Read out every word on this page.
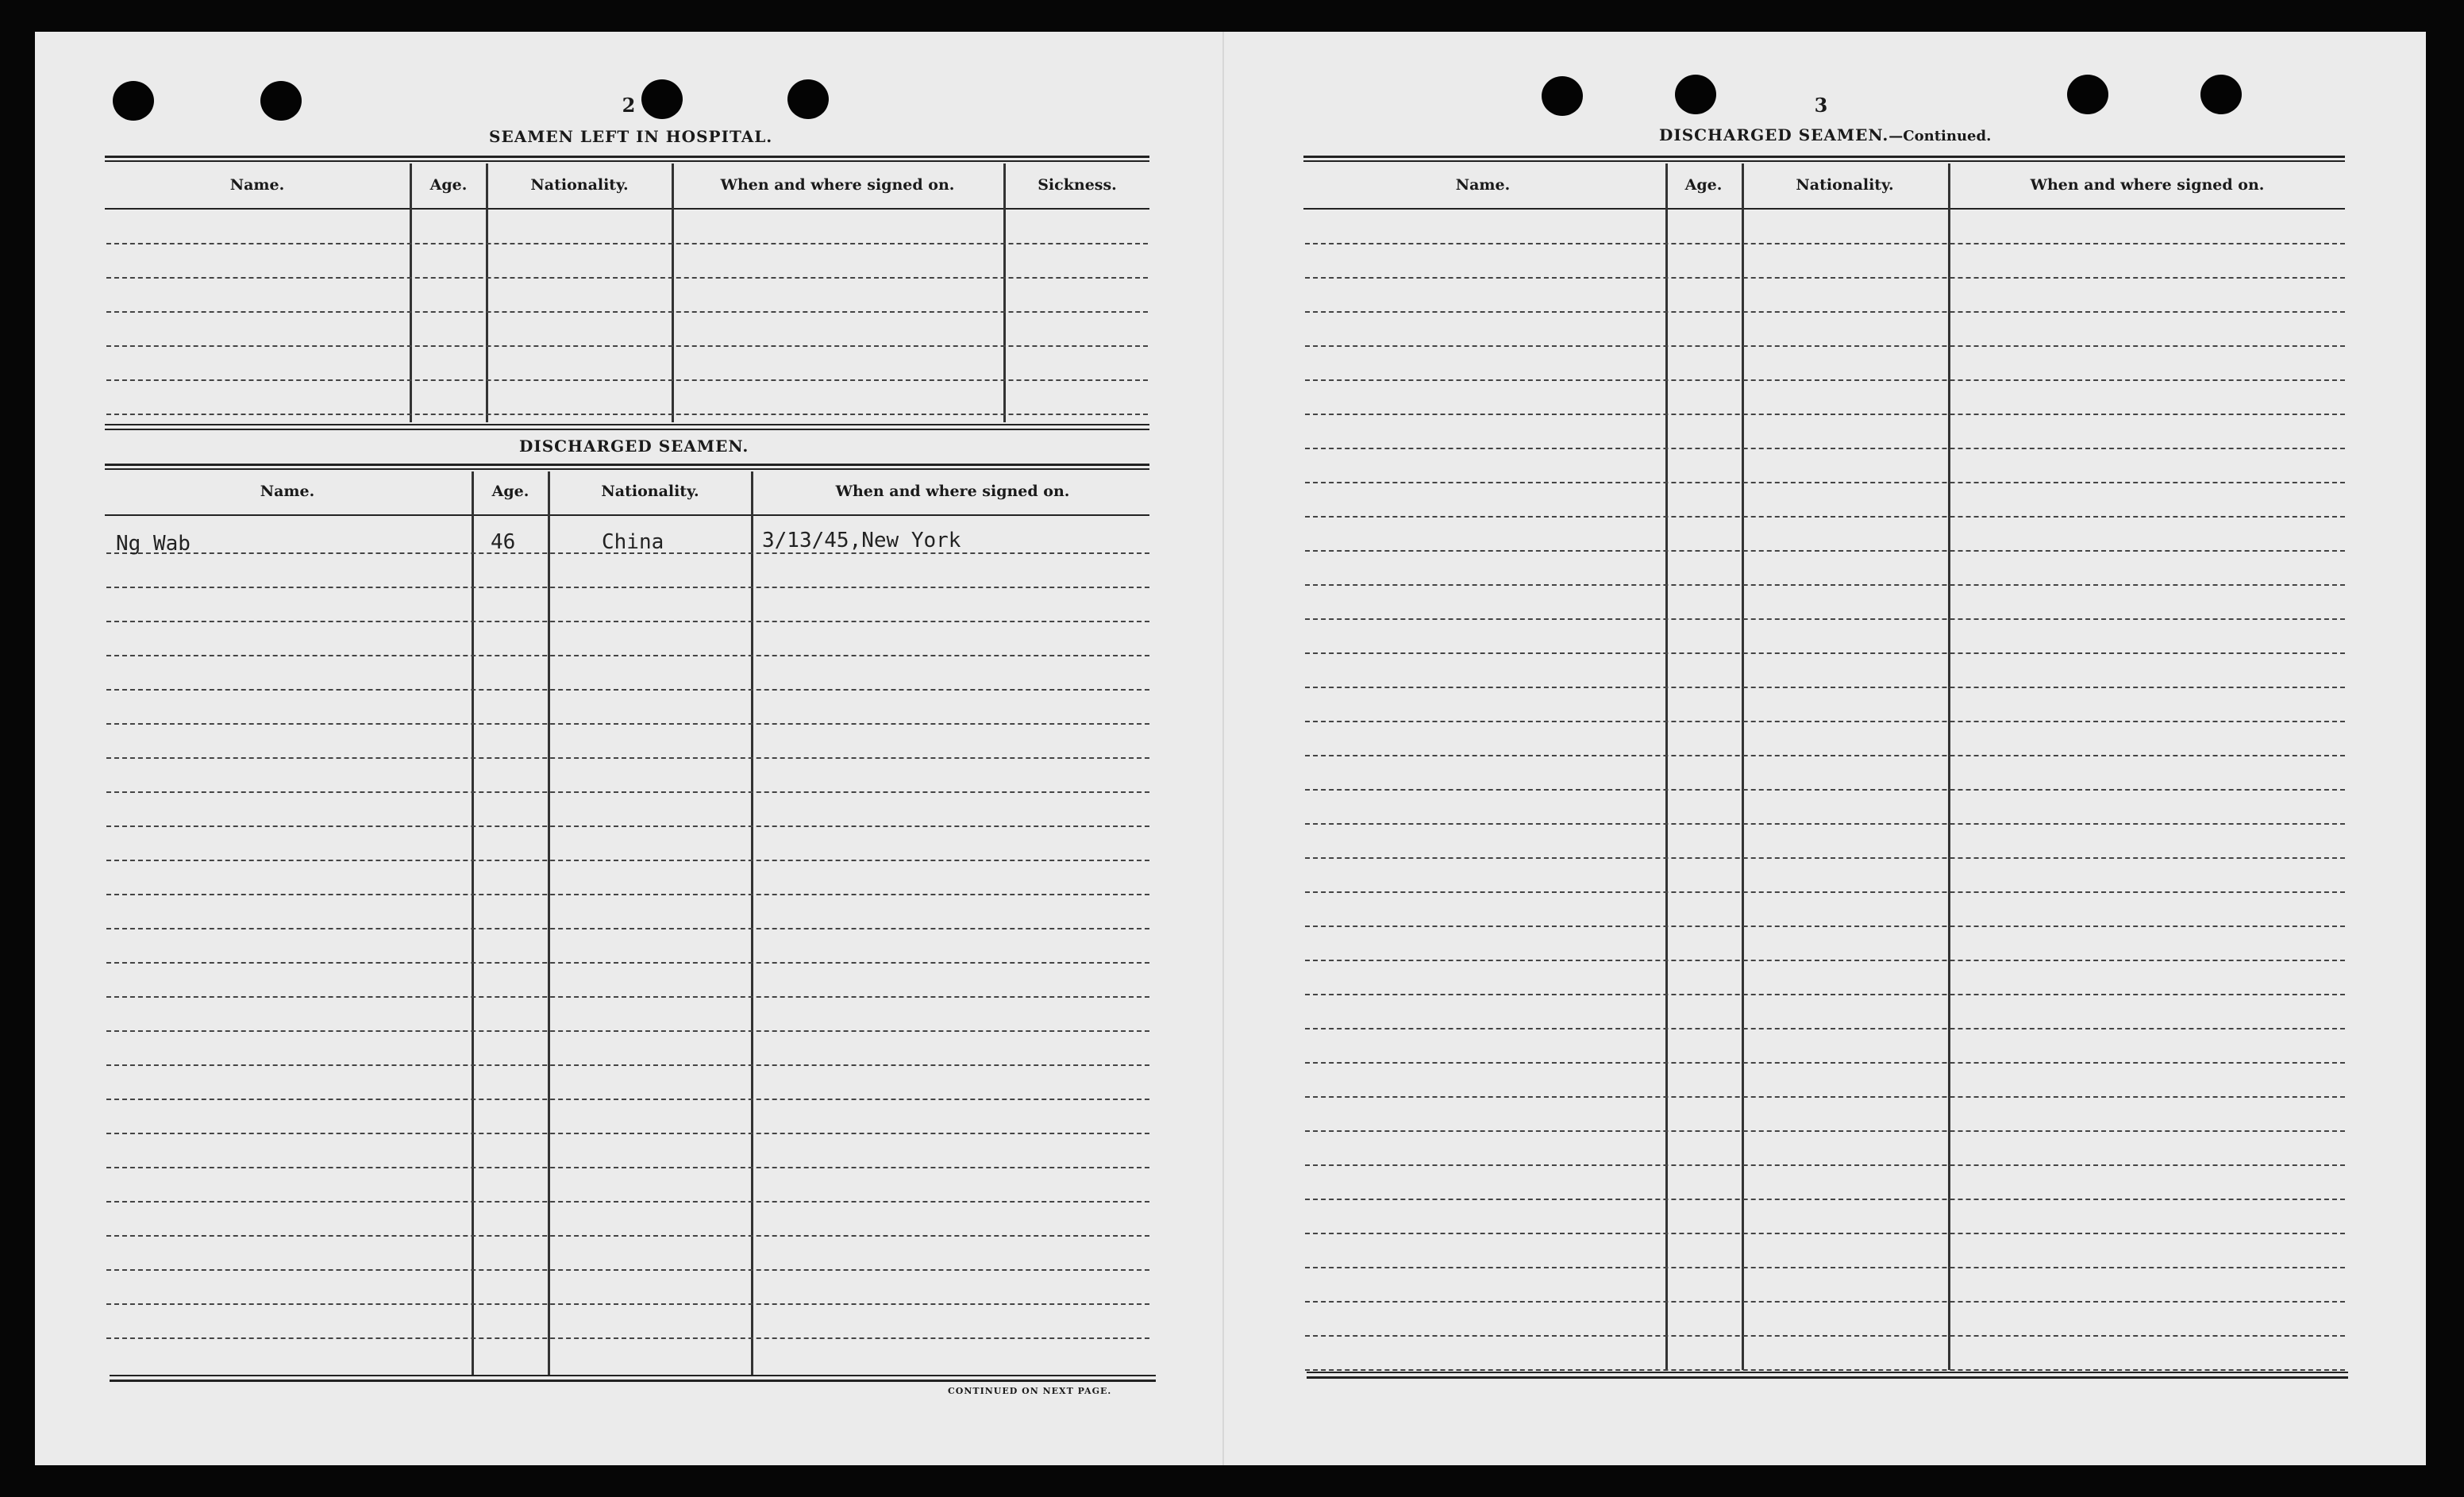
2
SEAMEN LEFT IN HOSPITAL.
Name.	Age.	Nationality.	When and where signed on.	Sickness.
DISCHARGED SEAMEN.
Name.	Age.	Nationality.	When and where signed on.
Ng Wab	46	China	3/13/45,New York
CONTINUED ON NEXT PAGE.
3
DISCHARGED SEAMEN.—Continued.
Name.	Age.	Nationality.	When and where signed on.
